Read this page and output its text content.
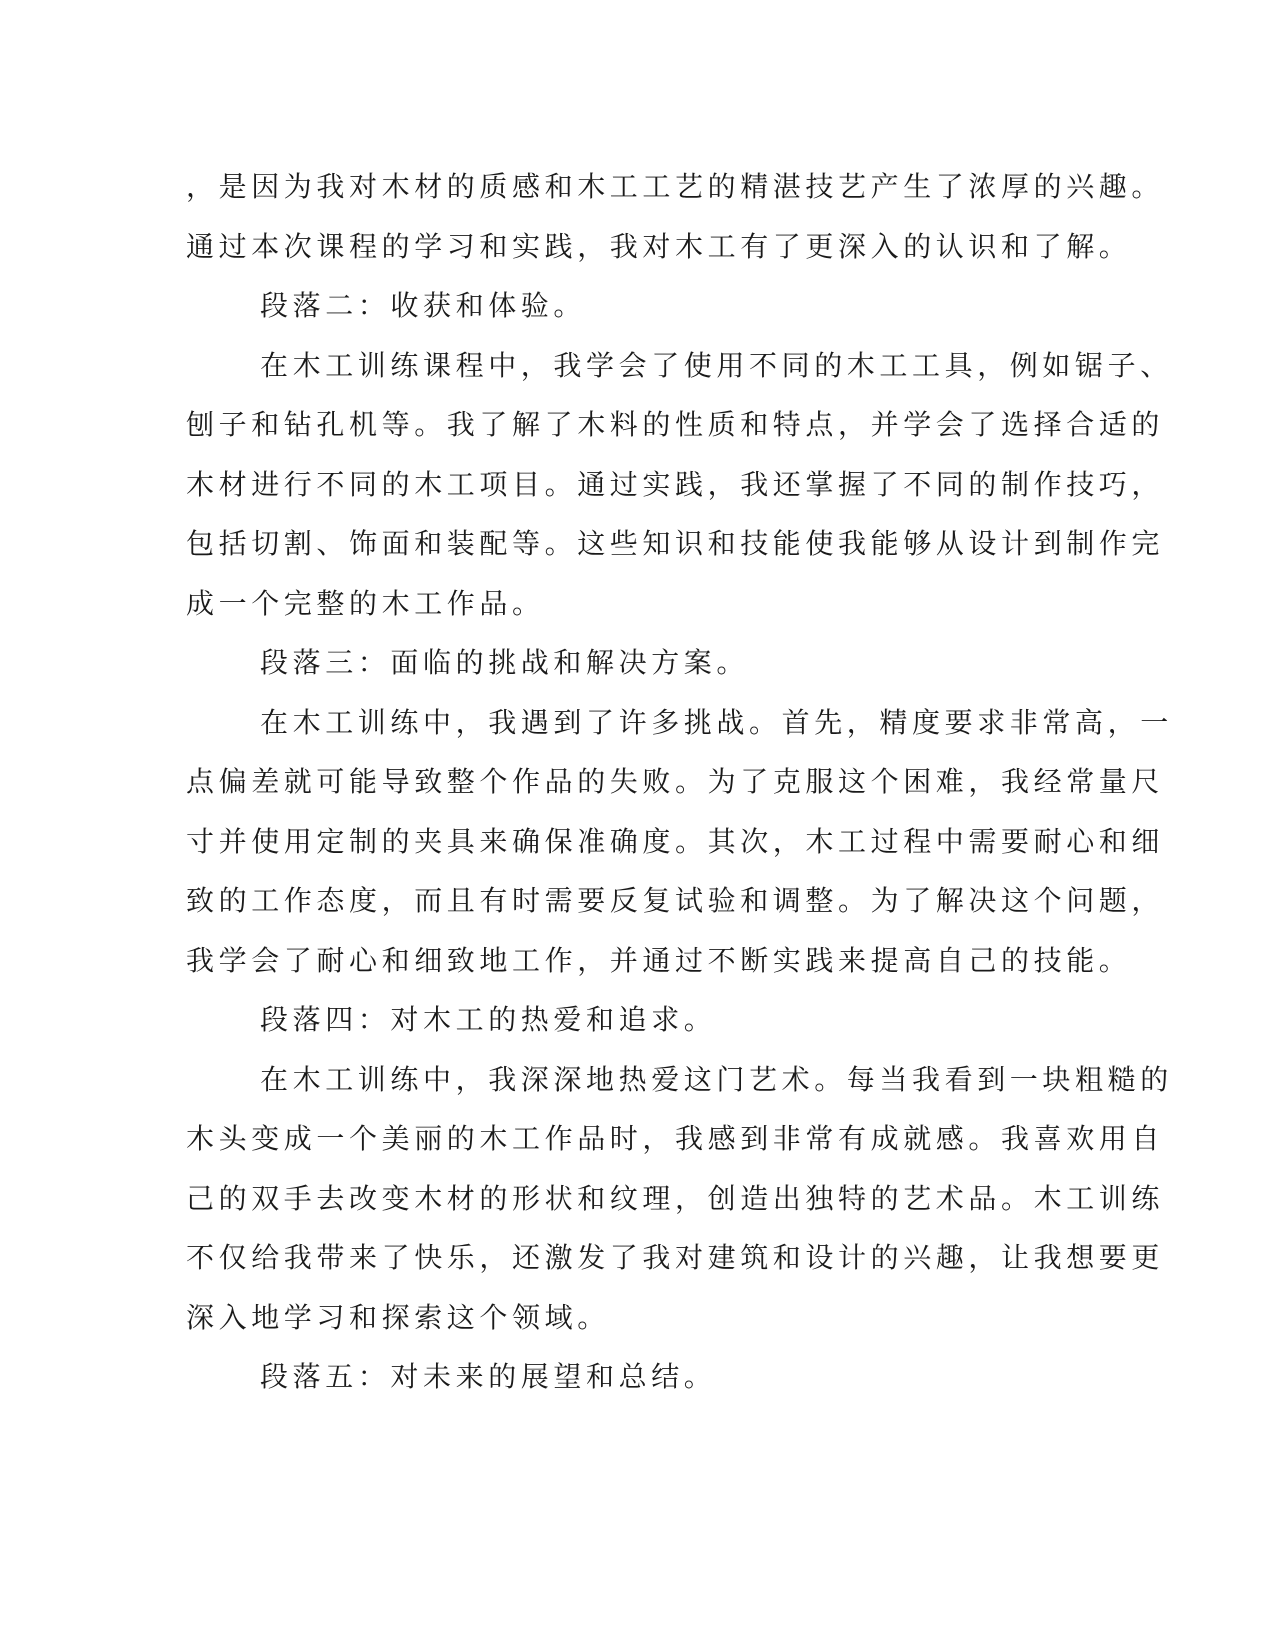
，是因为我对木材的质感和木工工艺的精湛技艺产生了浓厚的兴趣。
通过本次课程的学习和实践，我对木工有了更深入的认识和了解。
段落二：收获和体验。
在木工训练课程中，我学会了使用不同的木工工具，例如锯子、
刨子和钻孔机等。我了解了木料的性质和特点，并学会了选择合适的
木材进行不同的木工项目。通过实践，我还掌握了不同的制作技巧，
包括切割、饰面和装配等。这些知识和技能使我能够从设计到制作完
成一个完整的木工作品。
段落三：面临的挑战和解决方案。
在木工训练中，我遇到了许多挑战。首先，精度要求非常高，一
点偏差就可能导致整个作品的失败。为了克服这个困难，我经常量尺
寸并使用定制的夹具来确保准确度。其次，木工过程中需要耐心和细
致的工作态度，而且有时需要反复试验和调整。为了解决这个问题，
我学会了耐心和细致地工作，并通过不断实践来提高自己的技能。
段落四：对木工的热爱和追求。
在木工训练中，我深深地热爱这门艺术。每当我看到一块粗糙的
木头变成一个美丽的木工作品时，我感到非常有成就感。我喜欢用自
己的双手去改变木材的形状和纹理，创造出独特的艺术品。木工训练
不仅给我带来了快乐，还激发了我对建筑和设计的兴趣，让我想要更
深入地学习和探索这个领域。
段落五：对未来的展望和总结。
